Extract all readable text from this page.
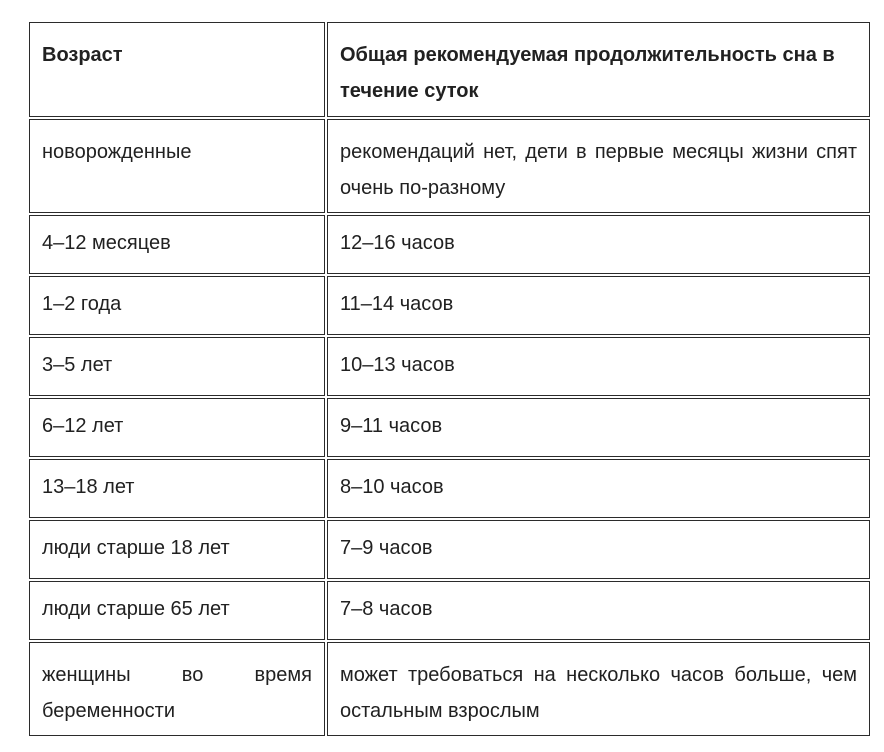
Возраст	Общая рекомендуемая продолжительность сна в течение суток

новорожденные	рекомендаций нет, дети в первые месяцы жизни спят очень по-разному

4–12 месяцев	12–16 часов

1–2 года	11–14 часов

3–5 лет	10–13 часов

6–12 лет	9–11 часов

13–18 лет	8–10 часов

люди старше 18 лет	7–9 часов

люди старше 65 лет	7–8 часов

женщины во время беременности	может требоваться на несколько часов больше, чем остальным взрослым
